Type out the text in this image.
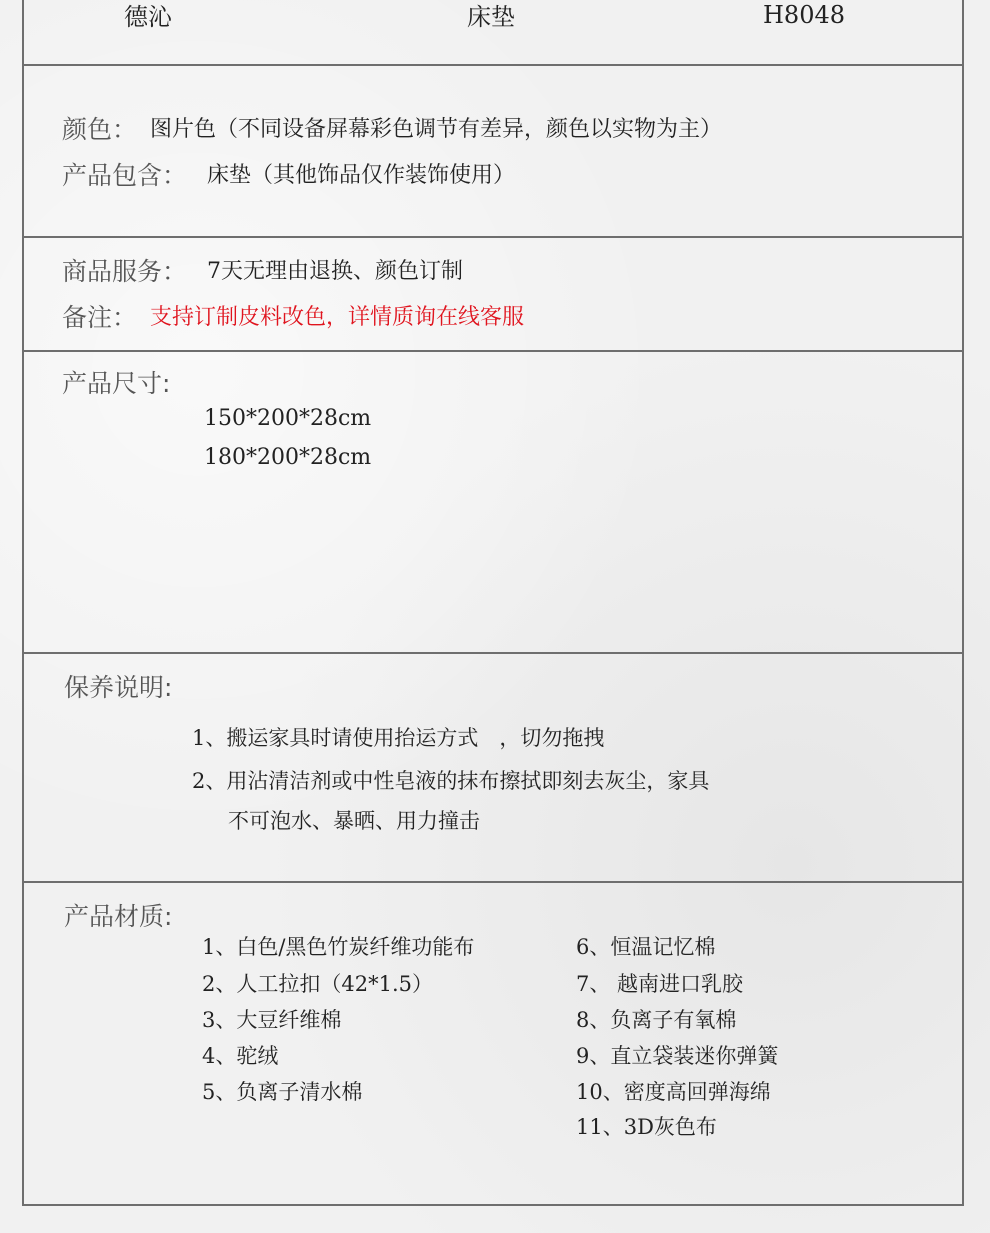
德沁	床垫	H8048
颜色： 图片色（不同设备屏幕彩色调节有差异，颜色以实物为主）
产品包含： 床垫（其他饰品仅作装饰使用）
商品服务： 7天无理由退换、颜色订制
备注： 支持订制皮料改色，详情质询在线客服
产品尺寸:
150*200*28cm
180*200*28cm
保养说明:
1、搬运家具时请使用抬运方式　，切勿拖拽
2、用沾清洁剂或中性皂液的抹布擦拭即刻去灰尘，家具
不可泡水、暴晒、用力撞击
产品材质:
1、白色/黑色竹炭纤维功能布
2、人工拉扣（42*1.5）
3、大豆纤维棉
4、驼绒
5、负离子清水棉
6、恒温记忆棉
7、 越南进口乳胶
8、负离子有氧棉
9、直立袋装迷你弹簧
10、密度高回弹海绵
11、3D灰色布
